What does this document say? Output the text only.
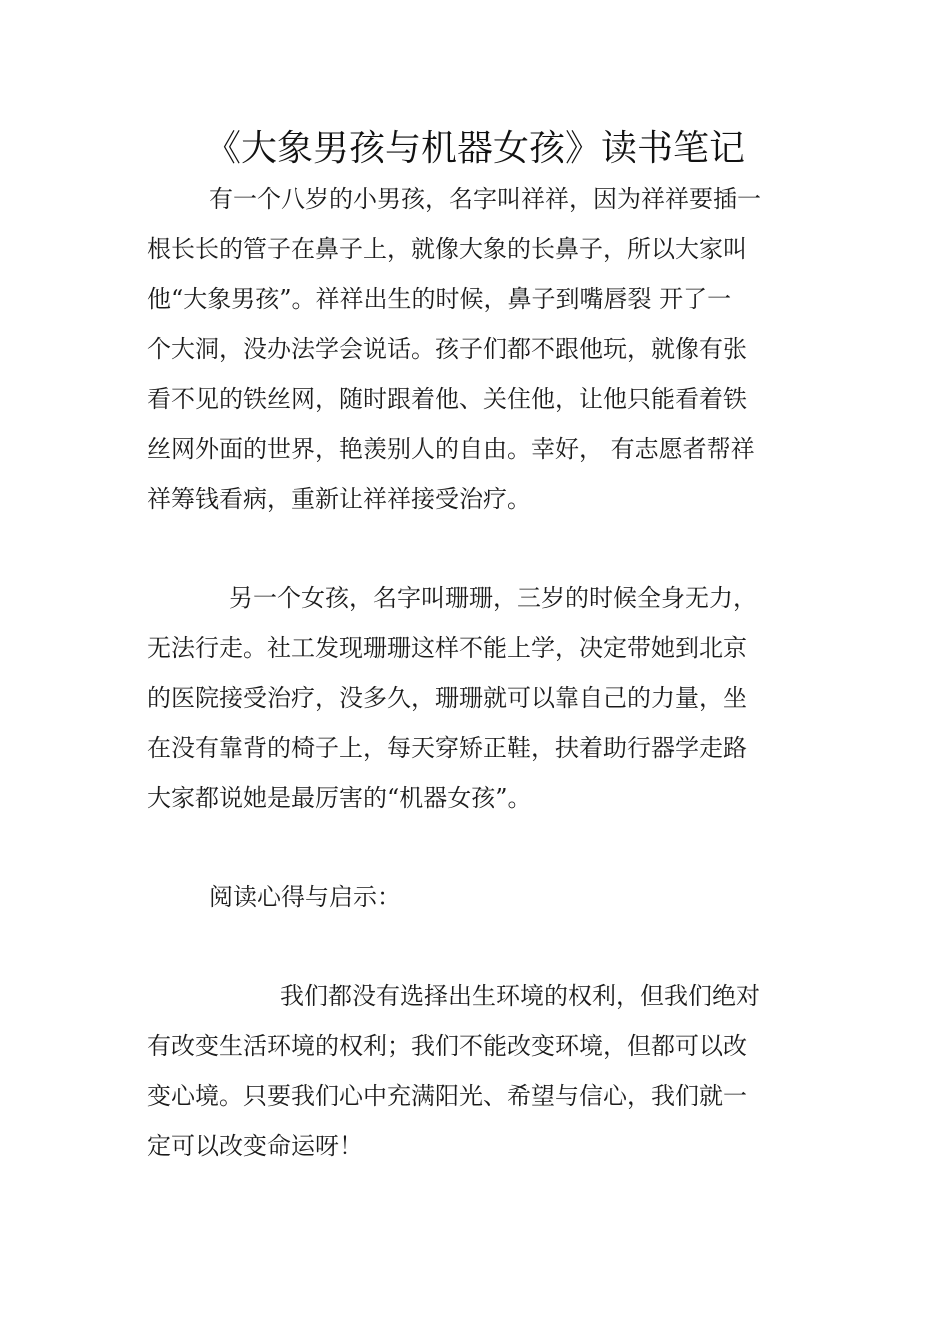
《大象男孩与机器女孩》读书笔记
有一个八岁的小男孩，名字叫祥祥，因为祥祥要插一
根长长的管子在鼻子上，就像大象的长鼻子，所以大家叫
他“大象男孩”。祥祥出生的时候，鼻子到嘴唇裂 开了一
个大洞，没办法学会说话。孩子们都不跟他玩，就像有张
看不见的铁丝网，随时跟着他、关住他，让他只能看着铁
丝网外面的世界，艳羡别人的自由。幸好， 有志愿者帮祥
祥筹钱看病，重新让祥祥接受治疗。
另一个女孩，名字叫珊珊，三岁的时候全身无力，
无法行走。社工发现珊珊这样不能上学，决定带她到北京
的医院接受治疗，没多久，珊珊就可以靠自己的力量，坐
在没有靠背的椅子上，每天穿矫正鞋，扶着助行器学走路
大家都说她是最厉害的“机器女孩”。
阅读心得与启示：
我们都没有选择出生环境的权利，但我们绝对
有改变生活环境的权利；我们不能改变环境，但都可以改
变心境。只要我们心中充满阳光、希望与信心，我们就一
定可以改变命运呀！
